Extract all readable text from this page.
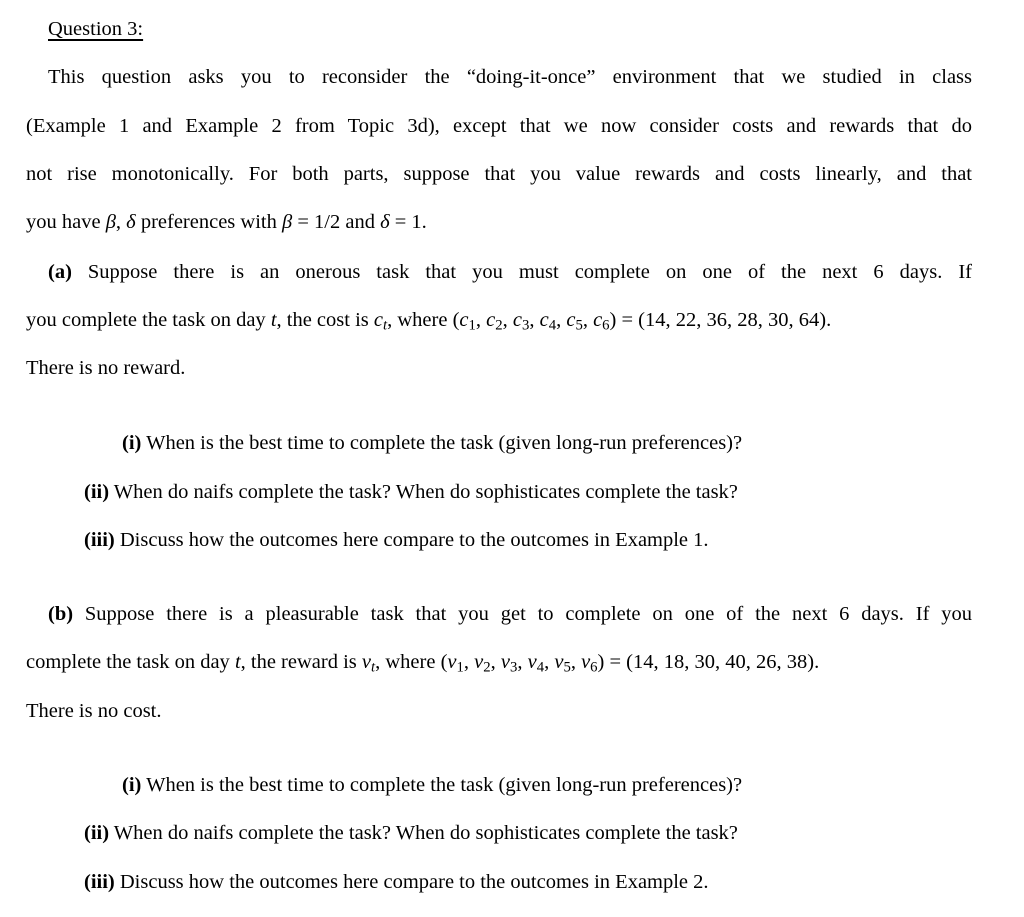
Question 3:
This question asks you to reconsider the “doing-it-once” environment that we studied in class
(Example 1 and Example 2 from Topic 3d), except that we now consider costs and rewards that do
not rise monotonically. For both parts, suppose that you value rewards and costs linearly, and that
you have β, δ preferences with β = 1/2 and δ = 1.
(a) Suppose there is an onerous task that you must complete on one of the next 6 days. If
you complete the task on day t, the cost is $c_t$, where ($c_1$, $c_2$, $c_3$, $c_4$, $c_5$, $c_6) = (14$, 22, 36, 28, 30, 64).
There is no reward.
(i) When is the best time to complete the task (given long-run preferences)?
(ii) When do naifs complete the task? When do sophisticates complete the task?
(iii) Discuss how the outcomes here compare to the outcomes in Example 1.
(b) Suppose there is a pleasurable task that you get to complete on one of the next 6 days. If you
complete the task on day t, the reward is $v_t$, where ($v_1$, $v_2$, $v_3$, $v_4$, $v_5$, $v_6) = (14$, 18, 30, 40, 26, 38).
There is no cost.
(i) When is the best time to complete the task (given long-run preferences)?
(ii) When do naifs complete the task? When do sophisticates complete the task?
(iii) Discuss how the outcomes here compare to the outcomes in Example 2.
